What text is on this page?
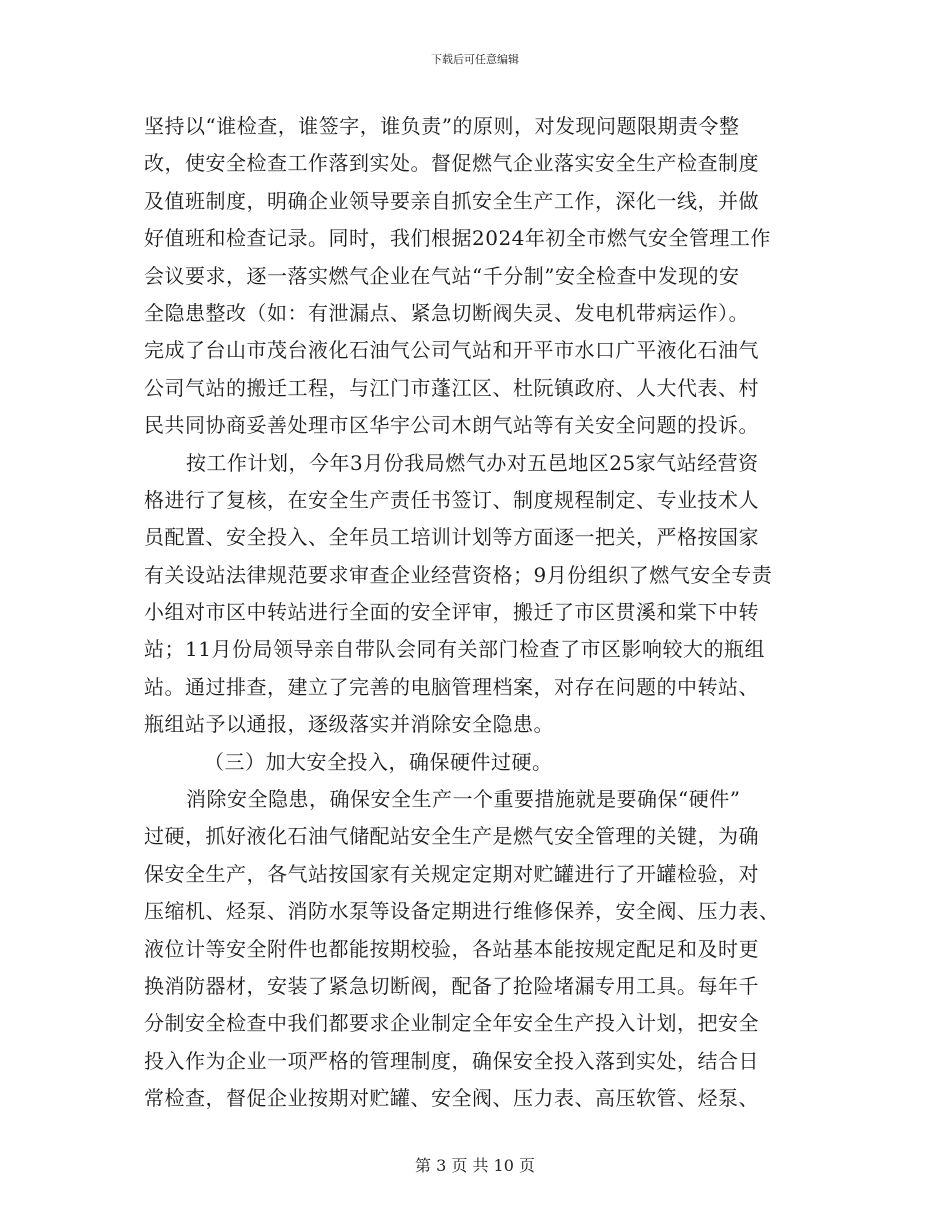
下载后可任意编辑
坚持以“谁检查，谁签字，谁负责”的原则，对发现问题限期责令整
改，使安全检查工作落到实处。督促燃气企业落实安全生产检查制度
及值班制度，明确企业领导要亲自抓安全生产工作，深化一线，并做
好值班和检查记录。同时，我们根据2024年初全市燃气安全管理工作
会议要求，逐一落实燃气企业在气站“千分制”安全检查中发现的安
全隐患整改（如：有泄漏点、紧急切断阀失灵、发电机带病运作）。
完成了台山市茂台液化石油气公司气站和开平市水口广平液化石油气
公司气站的搬迁工程，与江门市蓬江区、杜阮镇政府、人大代表、村
民共同协商妥善处理市区华宇公司木朗气站等有关安全问题的投诉。
按工作计划，今年3月份我局燃气办对五邑地区25家气站经营资
格进行了复核，在安全生产责任书签订、制度规程制定、专业技术人
员配置、安全投入、全年员工培训计划等方面逐一把关，严格按国家
有关设站法律规范要求审查企业经营资格；9月份组织了燃气安全专责
小组对市区中转站进行全面的安全评审，搬迁了市区贯溪和棠下中转
站；11月份局领导亲自带队会同有关部门检查了市区影响较大的瓶组
站。通过排查，建立了完善的电脑管理档案，对存在问题的中转站、
瓶组站予以通报，逐级落实并消除安全隐患。
（三）加大安全投入，确保硬件过硬。
消除安全隐患，确保安全生产一个重要措施就是要确保“硬件”
过硬，抓好液化石油气储配站安全生产是燃气安全管理的关键，为确
保安全生产，各气站按国家有关规定定期对贮罐进行了开罐检验，对
压缩机、烃泵、消防水泵等设备定期进行维修保养，安全阀、压力表、
液位计等安全附件也都能按期校验，各站基本能按规定配足和及时更
换消防器材，安装了紧急切断阀，配备了抢险堵漏专用工具。每年千
分制安全检查中我们都要求企业制定全年安全生产投入计划，把安全
投入作为企业一项严格的管理制度，确保安全投入落到实处，结合日
常检查，督促企业按期对贮罐、安全阀、压力表、高压软管、烃泵、
第 3 页 共 10 页
